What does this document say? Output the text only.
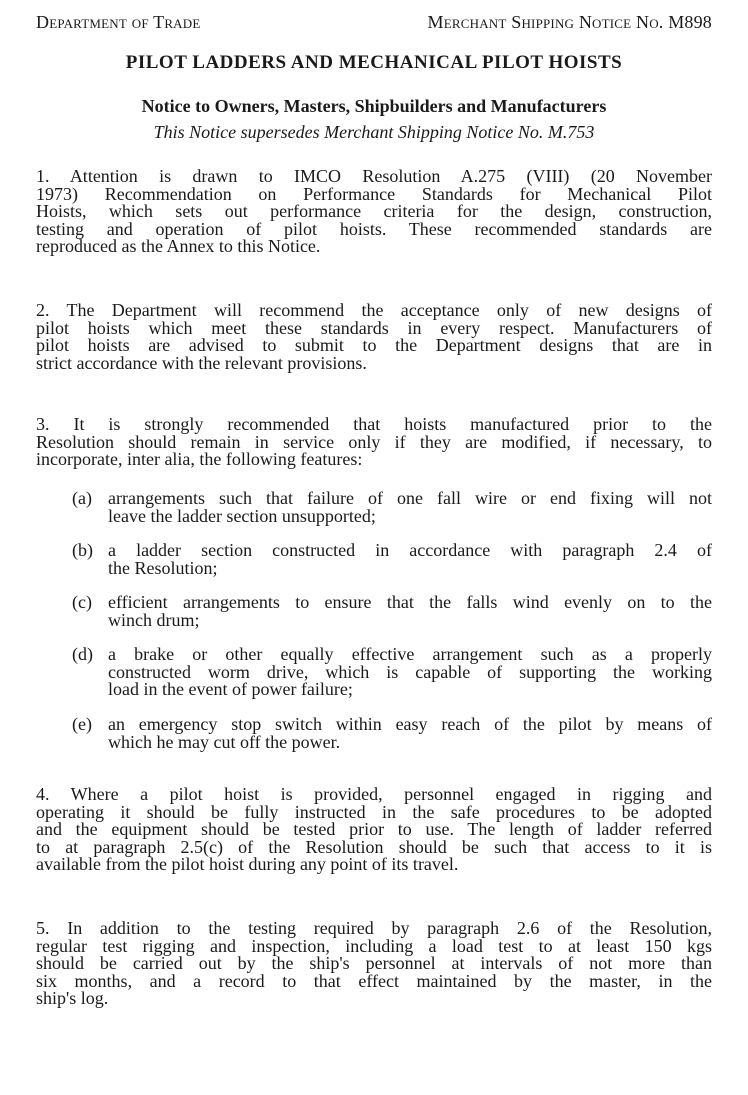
Department of Trade	Merchant Shipping Notice No. M898
PILOT LADDERS AND MECHANICAL PILOT HOISTS
Notice to Owners, Masters, Shipbuilders and Manufacturers
This Notice supersedes Merchant Shipping Notice No. M.753
1. Attention is drawn to IMCO Resolution A.275 (VIII) (20 November
1973) Recommendation on Performance Standards for Mechanical Pilot
Hoists, which sets out performance criteria for the design, construction,
testing and operation of pilot hoists. These recommended standards are
reproduced as the Annex to this Notice.
2. The Department will recommend the acceptance only of new designs of
pilot hoists which meet these standards in every respect. Manufacturers of
pilot hoists are advised to submit to the Department designs that are in
strict accordance with the relevant provisions.
3. It is strongly recommended that hoists manufactured prior to the
Resolution should remain in service only if they are modified, if necessary, to
incorporate, inter alia, the following features:
(a) arrangements such that failure of one fall wire or end fixing will not
leave the ladder section unsupported;
(b) a ladder section constructed in accordance with paragraph 2.4 of
the Resolution;
(c) efficient arrangements to ensure that the falls wind evenly on to the
winch drum;
(d) a brake or other equally effective arrangement such as a properly
constructed worm drive, which is capable of supporting the working
load in the event of power failure;
(e) an emergency stop switch within easy reach of the pilot by means of
which he may cut off the power.
4. Where a pilot hoist is provided, personnel engaged in rigging and
operating it should be fully instructed in the safe procedures to be adopted
and the equipment should be tested prior to use. The length of ladder referred
to at paragraph 2.5(c) of the Resolution should be such that access to it is
available from the pilot hoist during any point of its travel.
5. In addition to the testing required by paragraph 2.6 of the Resolution,
regular test rigging and inspection, including a load test to at least 150 kgs
should be carried out by the ship's personnel at intervals of not more than
six months, and a record to that effect maintained by the master, in the
ship's log.
